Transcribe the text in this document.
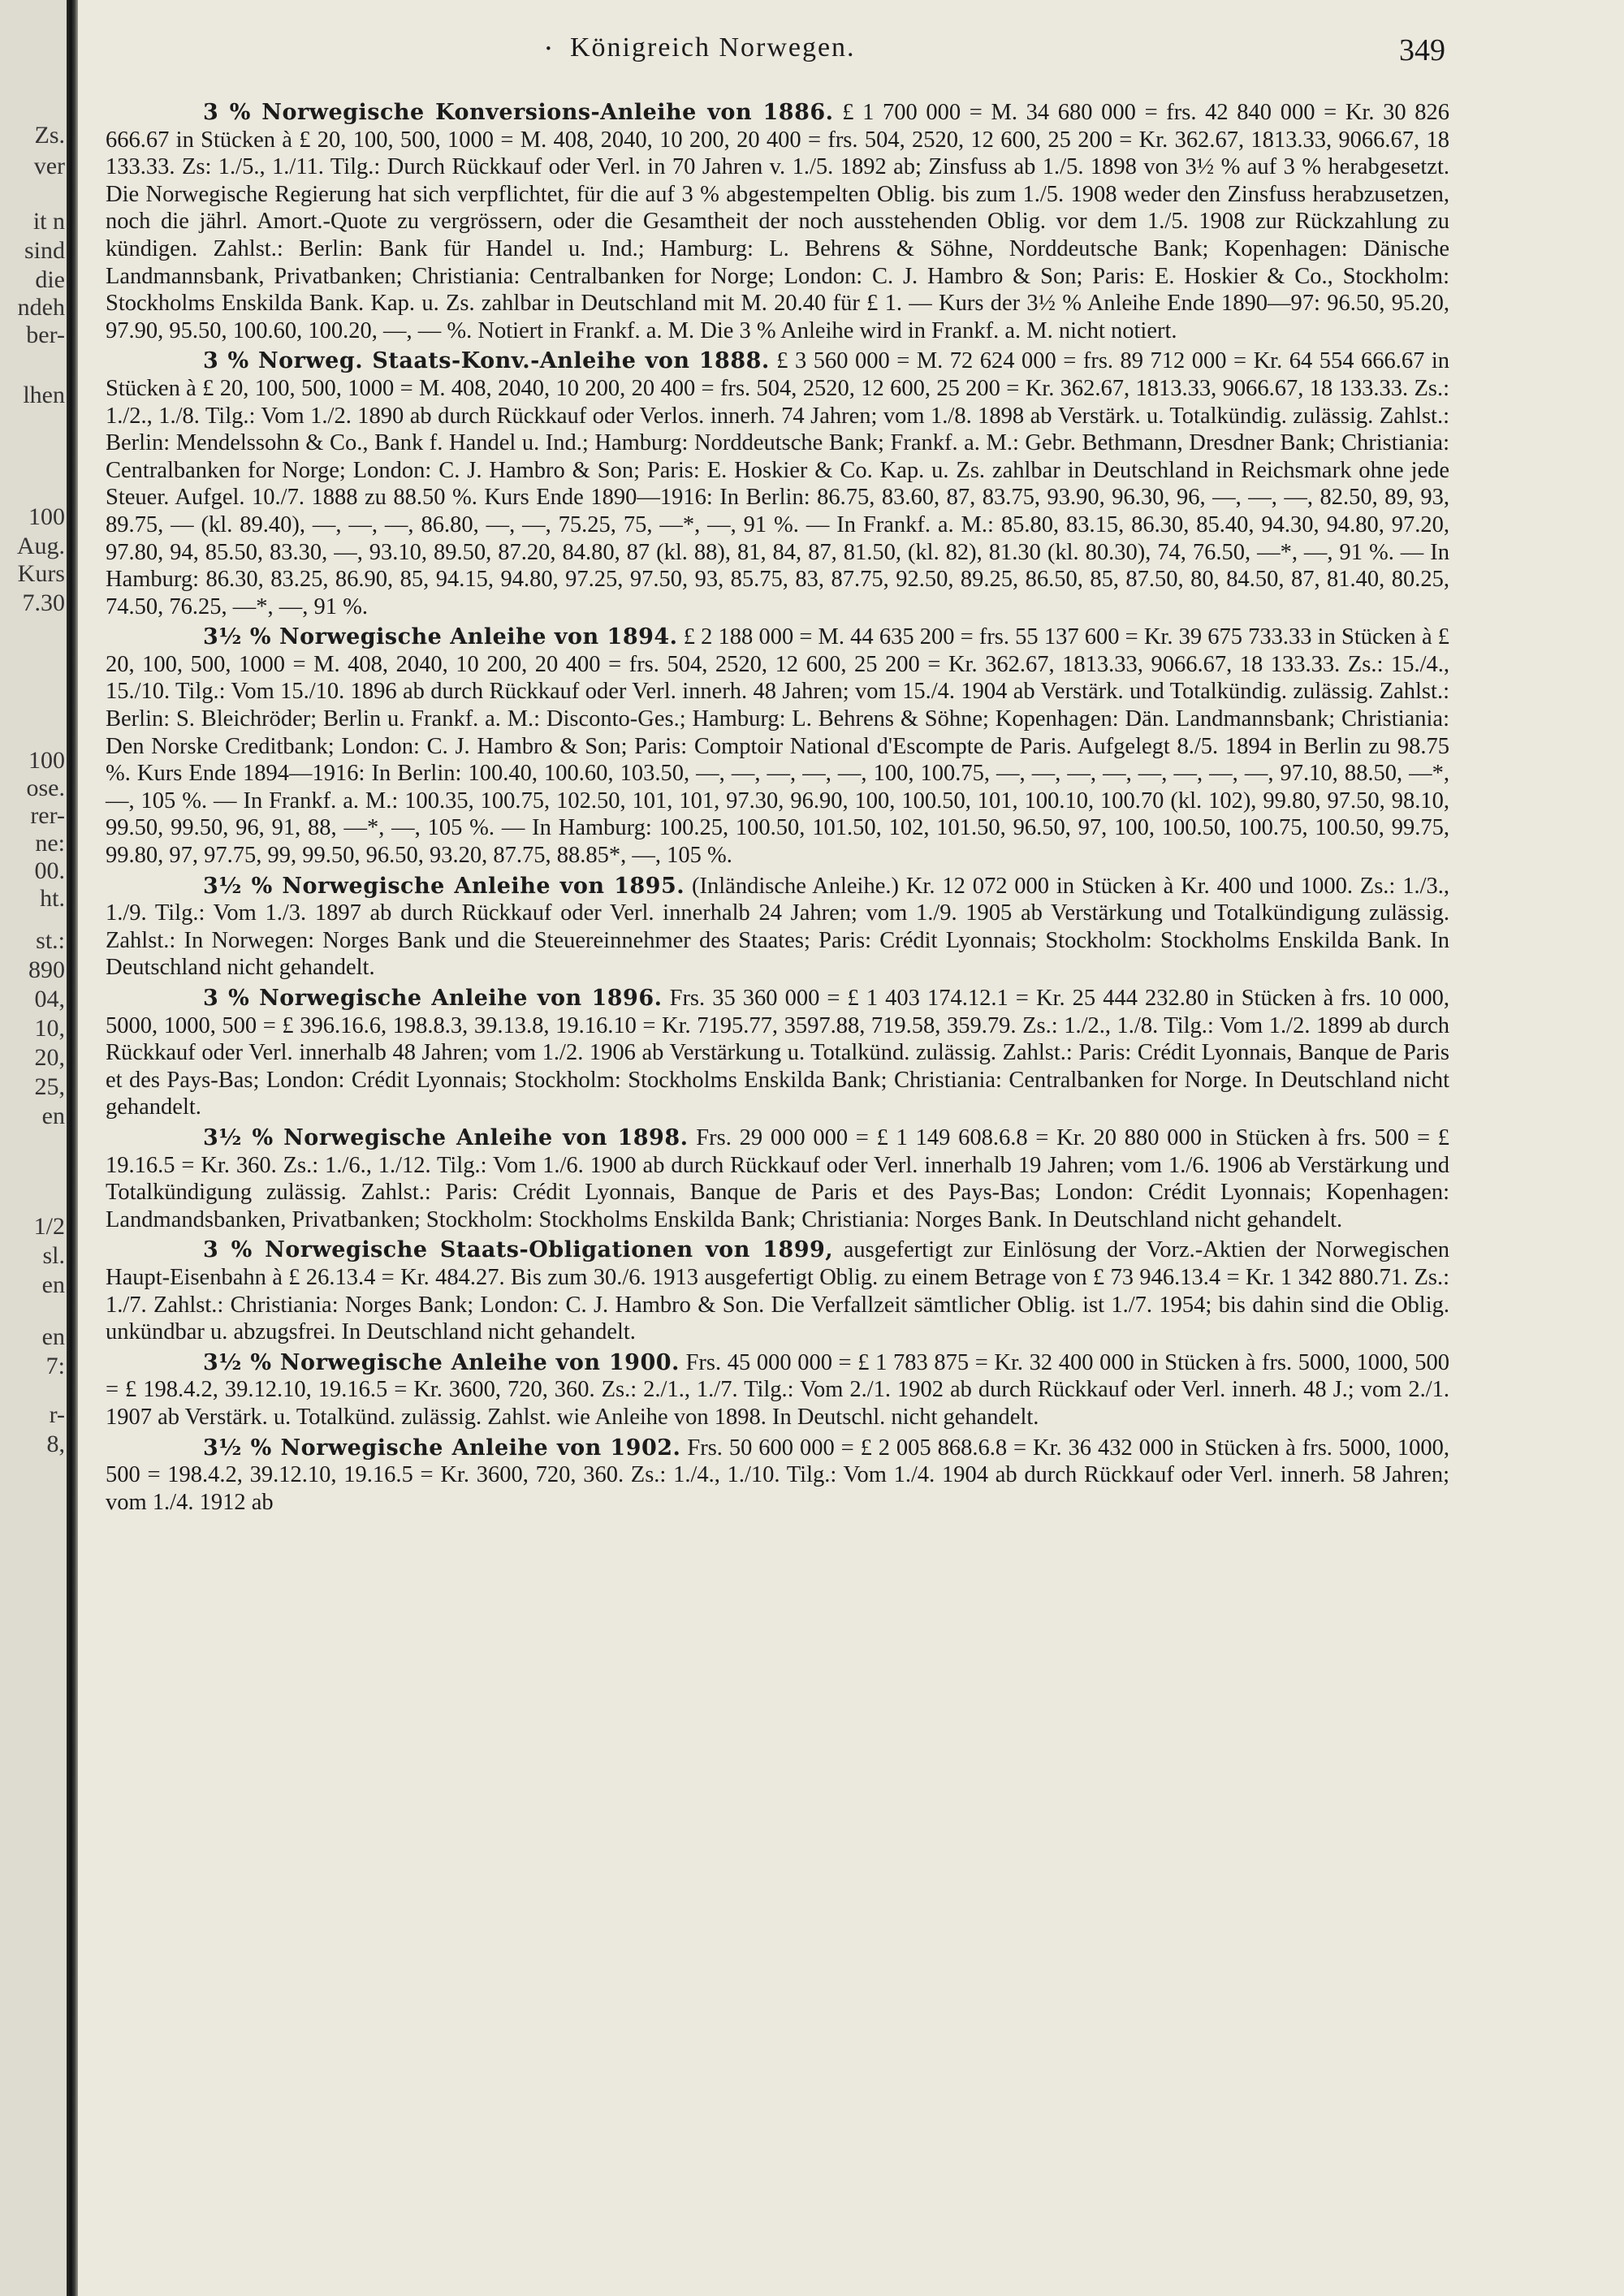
Zs.
ver
it n
sind
die
ndeh
ber-
lhen
100
Aug.
Kurs
7.30
100
ose.
rer-
ne:
00.
ht.
st.:
890
04,
10,
20,
25,
en
1/2
sl.
en
en
7:
r-
8,
· Königreich Norwegen.	349

3 % Norwegische Konversions-Anleihe von 1886. £ 1 700 000 = M. 34 680 000 = frs. 42 840 000 = Kr. 30 826 666.67 in Stücken à £ 20, 100, 500, 1000 = M. 408, 2040, 10 200, 20 400 = frs. 504, 2520, 12 600, 25 200 = Kr. 362.67, 1813.33, 9066.67, 18 133.33. Zs: 1./5., 1./11. Tilg.: Durch Rückkauf oder Verl. in 70 Jahren v. 1./5. 1892 ab; Zinsfuss ab 1./5. 1898 von 3½ % auf 3 % herabgesetzt. Die Norwegische Regierung hat sich verpflichtet, für die auf 3 % abgestempelten Oblig. bis zum 1./5. 1908 weder den Zinsfuss herabzusetzen, noch die jährl. Amort.-Quote zu vergrössern, oder die Gesamtheit der noch ausstehenden Oblig. vor dem 1./5. 1908 zur Rückzahlung zu kündigen. Zahlst.: Berlin: Bank für Handel u. Ind.; Hamburg: L. Behrens & Söhne, Norddeutsche Bank; Kopenhagen: Dänische Landmannsbank, Privatbanken; Christiania: Centralbanken for Norge; London: C. J. Hambro & Son; Paris: E. Hoskier & Co., Stockholm: Stockholms Enskilda Bank. Kap. u. Zs. zahlbar in Deutschland mit M. 20.40 für £ 1. — Kurs der 3½ % Anleihe Ende 1890—97: 96.50, 95.20, 97.90, 95.50, 100.60, 100.20, —, — %. Notiert in Frankf. a. M. Die 3 % Anleihe wird in Frankf. a. M. nicht notiert.

3 % Norweg. Staats-Konv.-Anleihe von 1888. £ 3 560 000 = M. 72 624 000 = frs. 89 712 000 = Kr. 64 554 666.67 in Stücken à £ 20, 100, 500, 1000 = M. 408, 2040, 10 200, 20 400 = frs. 504, 2520, 12 600, 25 200 = Kr. 362.67, 1813.33, 9066.67, 18 133.33. Zs.: 1./2., 1./8. Tilg.: Vom 1./2. 1890 ab durch Rückkauf oder Verlos. innerh. 74 Jahren; vom 1./8. 1898 ab Verstärk. u. Totalkündig. zulässig. Zahlst.: Berlin: Mendelssohn & Co., Bank f. Handel u. Ind.; Hamburg: Norddeutsche Bank; Frankf. a. M.: Gebr. Bethmann, Dresdner Bank; Christiania: Centralbanken for Norge; London: C. J. Hambro & Son; Paris: E. Hoskier & Co. Kap. u. Zs. zahlbar in Deutschland in Reichsmark ohne jede Steuer. Aufgel. 10./7. 1888 zu 88.50 %. Kurs Ende 1890—1916: In Berlin: 86.75, 83.60, 87, 83.75, 93.90, 96.30, 96, —, —, —, 82.50, 89, 93, 89.75, — (kl. 89.40), —, —, —, 86.80, —, —, 75.25, 75, —*, —, 91 %. — In Frankf. a. M.: 85.80, 83.15, 86.30, 85.40, 94.30, 94.80, 97.20, 97.80, 94, 85.50, 83.30, —, 93.10, 89.50, 87.20, 84.80, 87 (kl. 88), 81, 84, 87, 81.50, (kl. 82), 81.30 (kl. 80.30), 74, 76.50, —*, —, 91 %. — In Hamburg: 86.30, 83.25, 86.90, 85, 94.15, 94.80, 97.25, 97.50, 93, 85.75, 83, 87.75, 92.50, 89.25, 86.50, 85, 87.50, 80, 84.50, 87, 81.40, 80.25, 74.50, 76.25, —*, —, 91 %.

3½ % Norwegische Anleihe von 1894. £ 2 188 000 = M. 44 635 200 = frs. 55 137 600 = Kr. 39 675 733.33 in Stücken à £ 20, 100, 500, 1000 = M. 408, 2040, 10 200, 20 400 = frs. 504, 2520, 12 600, 25 200 = Kr. 362.67, 1813.33, 9066.67, 18 133.33. Zs.: 15./4., 15./10. Tilg.: Vom 15./10. 1896 ab durch Rückkauf oder Verl. innerh. 48 Jahren; vom 15./4. 1904 ab Verstärk. und Totalkündig. zulässig. Zahlst.: Berlin: S. Bleichröder; Berlin u. Frankf. a. M.: Disconto-Ges.; Hamburg: L. Behrens & Söhne; Kopenhagen: Dän. Landmannsbank; Christiania: Den Norske Creditbank; London: C. J. Hambro & Son; Paris: Comptoir National d'Escompte de Paris. Aufgelegt 8./5. 1894 in Berlin zu 98.75 %. Kurs Ende 1894—1916: In Berlin: 100.40, 100.60, 103.50, —, —, —, —, —, 100, 100.75, —, —, —, —, —, —, —, —, 97.10, 88.50, —*, —, 105 %. — In Frankf. a. M.: 100.35, 100.75, 102.50, 101, 101, 97.30, 96.90, 100, 100.50, 101, 100.10, 100.70 (kl. 102), 99.80, 97.50, 98.10, 99.50, 99.50, 96, 91, 88, —*, —, 105 %. — In Hamburg: 100.25, 100.50, 101.50, 102, 101.50, 96.50, 97, 100, 100.50, 100.75, 100.50, 99.75, 99.80, 97, 97.75, 99, 99.50, 96.50, 93.20, 87.75, 88.85*, —, 105 %.

3½ % Norwegische Anleihe von 1895. (Inländische Anleihe.) Kr. 12 072 000 in Stücken à Kr. 400 und 1000. Zs.: 1./3., 1./9. Tilg.: Vom 1./3. 1897 ab durch Rückkauf oder Verl. innerhalb 24 Jahren; vom 1./9. 1905 ab Verstärkung und Totalkündigung zulässig. Zahlst.: In Norwegen: Norges Bank und die Steuereinnehmer des Staates; Paris: Crédit Lyonnais; Stockholm: Stockholms Enskilda Bank. In Deutschland nicht gehandelt.

3 % Norwegische Anleihe von 1896. Frs. 35 360 000 = £ 1 403 174.12.1 = Kr. 25 444 232.80 in Stücken à frs. 10 000, 5000, 1000, 500 = £ 396.16.6, 198.8.3, 39.13.8, 19.16.10 = Kr. 7195.77, 3597.88, 719.58, 359.79. Zs.: 1./2., 1./8. Tilg.: Vom 1./2. 1899 ab durch Rückkauf oder Verl. innerhalb 48 Jahren; vom 1./2. 1906 ab Verstärkung u. Totalkünd. zulässig. Zahlst.: Paris: Crédit Lyonnais, Banque de Paris et des Pays-Bas; London: Crédit Lyonnais; Stockholm: Stockholms Enskilda Bank; Christiania: Centralbanken for Norge. In Deutschland nicht gehandelt.

3½ % Norwegische Anleihe von 1898. Frs. 29 000 000 = £ 1 149 608.6.8 = Kr. 20 880 000 in Stücken à frs. 500 = £ 19.16.5 = Kr. 360. Zs.: 1./6., 1./12. Tilg.: Vom 1./6. 1900 ab durch Rückkauf oder Verl. innerhalb 19 Jahren; vom 1./6. 1906 ab Verstärkung und Totalkündigung zulässig. Zahlst.: Paris: Crédit Lyonnais, Banque de Paris et des Pays-Bas; London: Crédit Lyonnais; Kopenhagen: Landmandsbanken, Privatbanken; Stockholm: Stockholms Enskilda Bank; Christiania: Norges Bank. In Deutschland nicht gehandelt.

3 % Norwegische Staats-Obligationen von 1899, ausgefertigt zur Einlösung der Vorz.-Aktien der Norwegischen Haupt-Eisenbahn à £ 26.13.4 = Kr. 484.27. Bis zum 30./6. 1913 ausgefertigt Oblig. zu einem Betrage von £ 73 946.13.4 = Kr. 1 342 880.71. Zs.: 1./7. Zahlst.: Christiania: Norges Bank; London: C. J. Hambro & Son. Die Verfallzeit sämtlicher Oblig. ist 1./7. 1954; bis dahin sind die Oblig. unkündbar u. abzugsfrei. In Deutschland nicht gehandelt.

3½ % Norwegische Anleihe von 1900. Frs. 45 000 000 = £ 1 783 875 = Kr. 32 400 000 in Stücken à frs. 5000, 1000, 500 = £ 198.4.2, 39.12.10, 19.16.5 = Kr. 3600, 720, 360. Zs.: 2./1., 1./7. Tilg.: Vom 2./1. 1902 ab durch Rückkauf oder Verl. innerh. 48 J.; vom 2./1. 1907 ab Verstärk. u. Totalkünd. zulässig. Zahlst. wie Anleihe von 1898. In Deutschl. nicht gehandelt.

3½ % Norwegische Anleihe von 1902. Frs. 50 600 000 = £ 2 005 868.6.8 = Kr. 36 432 000 in Stücken à frs. 5000, 1000, 500 = 198.4.2, 39.12.10, 19.16.5 = Kr. 3600, 720, 360. Zs.: 1./4., 1./10. Tilg.: Vom 1./4. 1904 ab durch Rückkauf oder Verl. innerh. 58 Jahren; vom 1./4. 1912 ab
